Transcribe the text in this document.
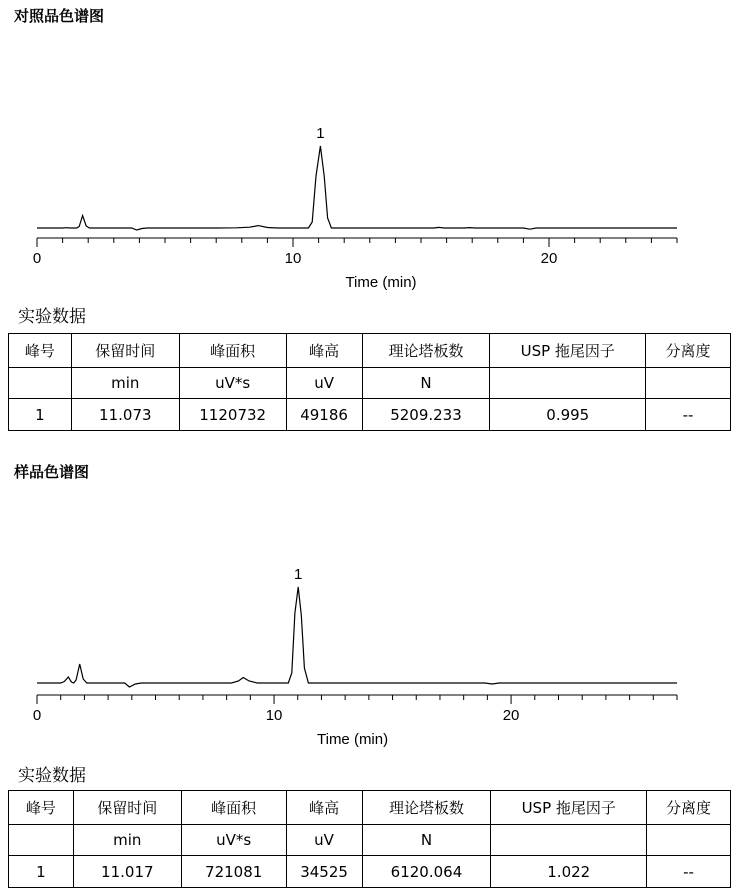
对照品色谱图
1
0	10	20
Time (min)
实验数据
峰号	保留时间	峰面积	峰高	理论塔板数	USP 拖尾因子	分离度
	min	uV*s	uV	N		
1	11.073	1120732	49186	5209.233	0.995	--
样品色谱图
1
0	10	20
Time (min)
实验数据
峰号	保留时间	峰面积	峰高	理论塔板数	USP 拖尾因子	分离度
	min	uV*s	uV	N		
1	11.017	721081	34525	6120.064	1.022	--
